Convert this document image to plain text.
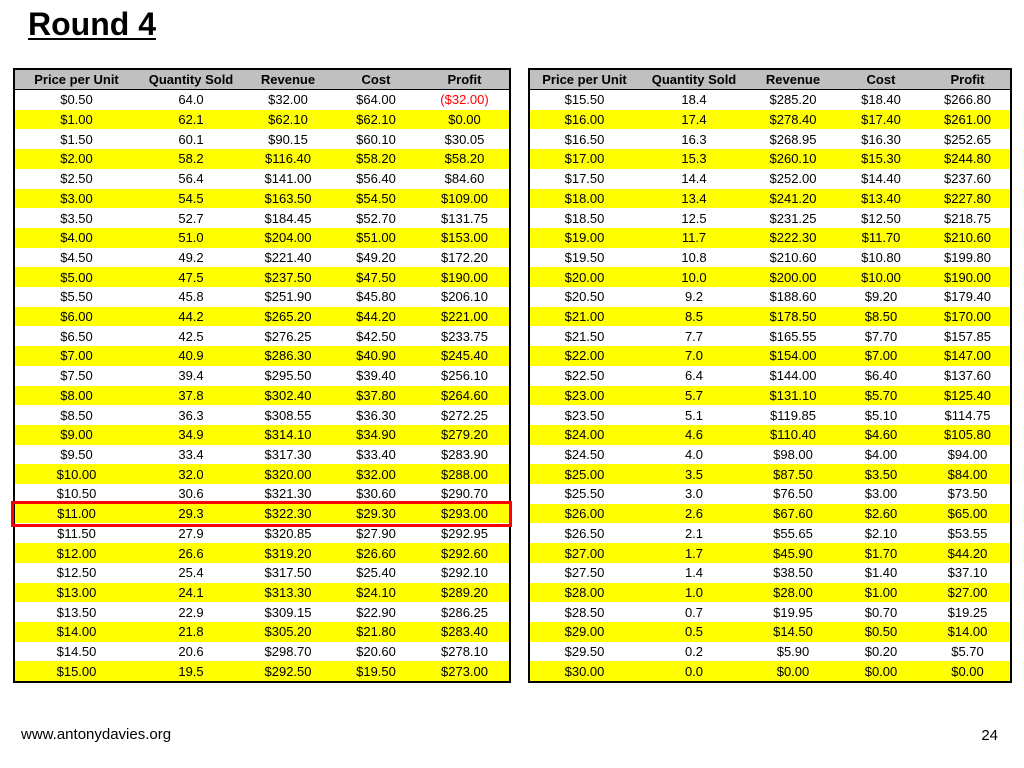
Round 4
Price per Unit	Quantity Sold	Revenue	Cost	Profit
$0.50	64.0	$32.00	$64.00	($32.00)
$1.00	62.1	$62.10	$62.10	$0.00
$1.50	60.1	$90.15	$60.10	$30.05
$2.00	58.2	$116.40	$58.20	$58.20
$2.50	56.4	$141.00	$56.40	$84.60
$3.00	54.5	$163.50	$54.50	$109.00
$3.50	52.7	$184.45	$52.70	$131.75
$4.00	51.0	$204.00	$51.00	$153.00
$4.50	49.2	$221.40	$49.20	$172.20
$5.00	47.5	$237.50	$47.50	$190.00
$5.50	45.8	$251.90	$45.80	$206.10
$6.00	44.2	$265.20	$44.20	$221.00
$6.50	42.5	$276.25	$42.50	$233.75
$7.00	40.9	$286.30	$40.90	$245.40
$7.50	39.4	$295.50	$39.40	$256.10
$8.00	37.8	$302.40	$37.80	$264.60
$8.50	36.3	$308.55	$36.30	$272.25
$9.00	34.9	$314.10	$34.90	$279.20
$9.50	33.4	$317.30	$33.40	$283.90
$10.00	32.0	$320.00	$32.00	$288.00
$10.50	30.6	$321.30	$30.60	$290.70
$11.00	29.3	$322.30	$29.30	$293.00
$11.50	27.9	$320.85	$27.90	$292.95
$12.00	26.6	$319.20	$26.60	$292.60
$12.50	25.4	$317.50	$25.40	$292.10
$13.00	24.1	$313.30	$24.10	$289.20
$13.50	22.9	$309.15	$22.90	$286.25
$14.00	21.8	$305.20	$21.80	$283.40
$14.50	20.6	$298.70	$20.60	$278.10
$15.00	19.5	$292.50	$19.50	$273.00
Price per Unit	Quantity Sold	Revenue	Cost	Profit
$15.50	18.4	$285.20	$18.40	$266.80
$16.00	17.4	$278.40	$17.40	$261.00
$16.50	16.3	$268.95	$16.30	$252.65
$17.00	15.3	$260.10	$15.30	$244.80
$17.50	14.4	$252.00	$14.40	$237.60
$18.00	13.4	$241.20	$13.40	$227.80
$18.50	12.5	$231.25	$12.50	$218.75
$19.00	11.7	$222.30	$11.70	$210.60
$19.50	10.8	$210.60	$10.80	$199.80
$20.00	10.0	$200.00	$10.00	$190.00
$20.50	9.2	$188.60	$9.20	$179.40
$21.00	8.5	$178.50	$8.50	$170.00
$21.50	7.7	$165.55	$7.70	$157.85
$22.00	7.0	$154.00	$7.00	$147.00
$22.50	6.4	$144.00	$6.40	$137.60
$23.00	5.7	$131.10	$5.70	$125.40
$23.50	5.1	$119.85	$5.10	$114.75
$24.00	4.6	$110.40	$4.60	$105.80
$24.50	4.0	$98.00	$4.00	$94.00
$25.00	3.5	$87.50	$3.50	$84.00
$25.50	3.0	$76.50	$3.00	$73.50
$26.00	2.6	$67.60	$2.60	$65.00
$26.50	2.1	$55.65	$2.10	$53.55
$27.00	1.7	$45.90	$1.70	$44.20
$27.50	1.4	$38.50	$1.40	$37.10
$28.00	1.0	$28.00	$1.00	$27.00
$28.50	0.7	$19.95	$0.70	$19.25
$29.00	0.5	$14.50	$0.50	$14.00
$29.50	0.2	$5.90	$0.20	$5.70
$30.00	0.0	$0.00	$0.00	$0.00
www.antonydavies.org	24
